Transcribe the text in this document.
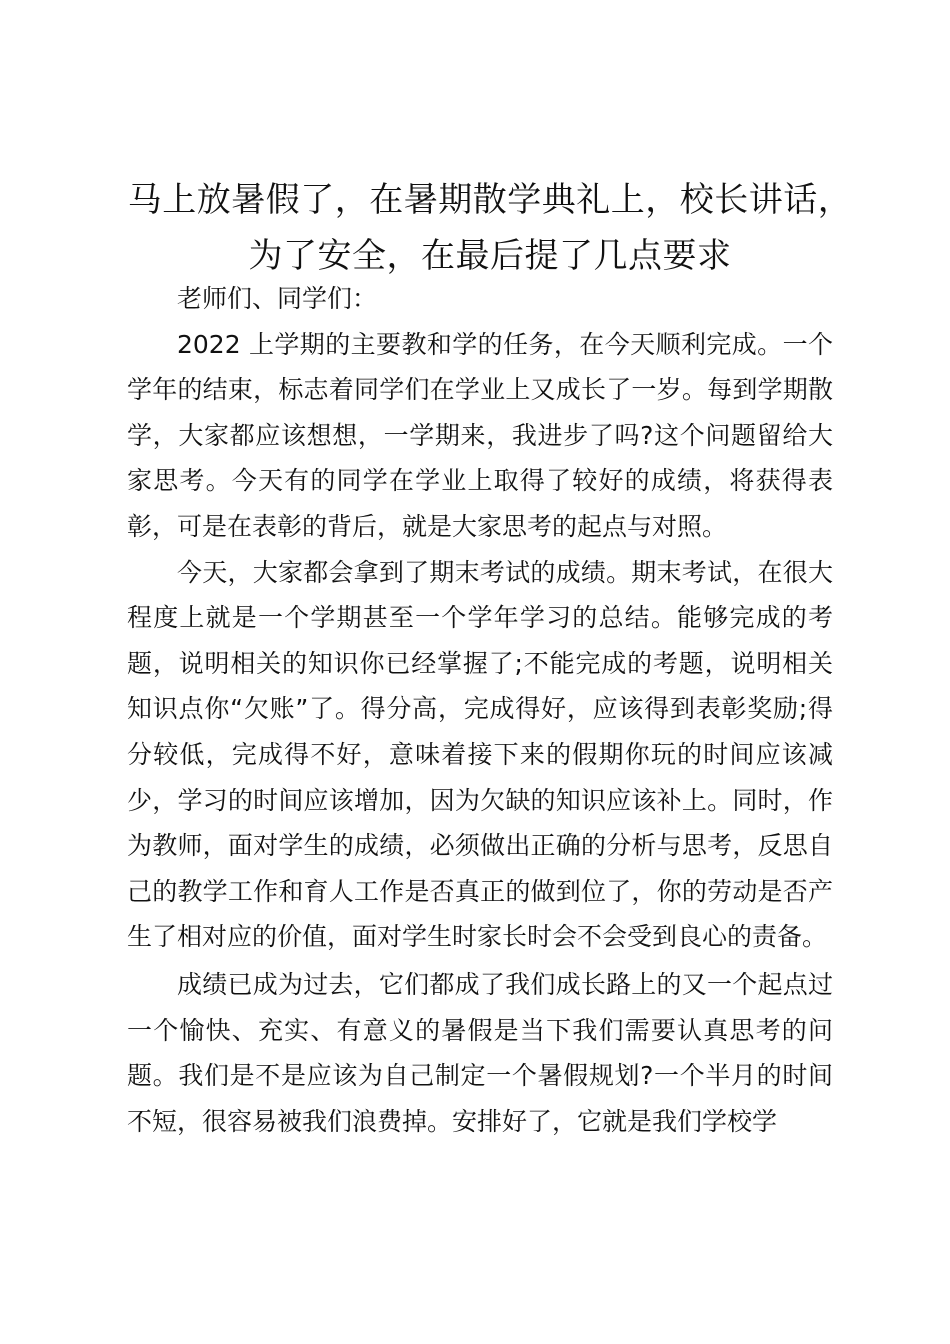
马上放暑假了，在暑期散学典礼上，校长讲话，
为了安全，在最后提了几点要求

老师们、同学们：

2022 上学期的主要教和学的任务，在今天顺利完成。一个学年的结束，标志着同学们在学业上又成长了一岁。每到学期散学，大家都应该想想，一学期来，我进步了吗?这个问题留给大家思考。今天有的同学在学业上取得了较好的成绩，将获得表彰，可是在表彰的背后，就是大家思考的起点与对照。

今天，大家都会拿到了期末考试的成绩。期末考试，在很大程度上就是一个学期甚至一个学年学习的总结。能够完成的考题，说明相关的知识你已经掌握了;不能完成的考题，说明相关知识点你“欠账”了。得分高，完成得好，应该得到表彰奖励;得分较低，完成得不好，意味着接下来的假期你玩的时间应该减少，学习的时间应该增加，因为欠缺的知识应该补上。同时，作为教师，面对学生的成绩，必须做出正确的分析与思考，反思自己的教学工作和育人工作是否真正的做到位了，你的劳动是否产生了相对应的价值，面对学生时家长时会不会受到良心的责备。

成绩已成为过去，它们都成了我们成长路上的又一个起点过一个愉快、充实、有意义的暑假是当下我们需要认真思考的问题。我们是不是应该为自己制定一个暑假规划?一个半月的时间不短，很容易被我们浪费掉。安排好了，它就是我们学校学
